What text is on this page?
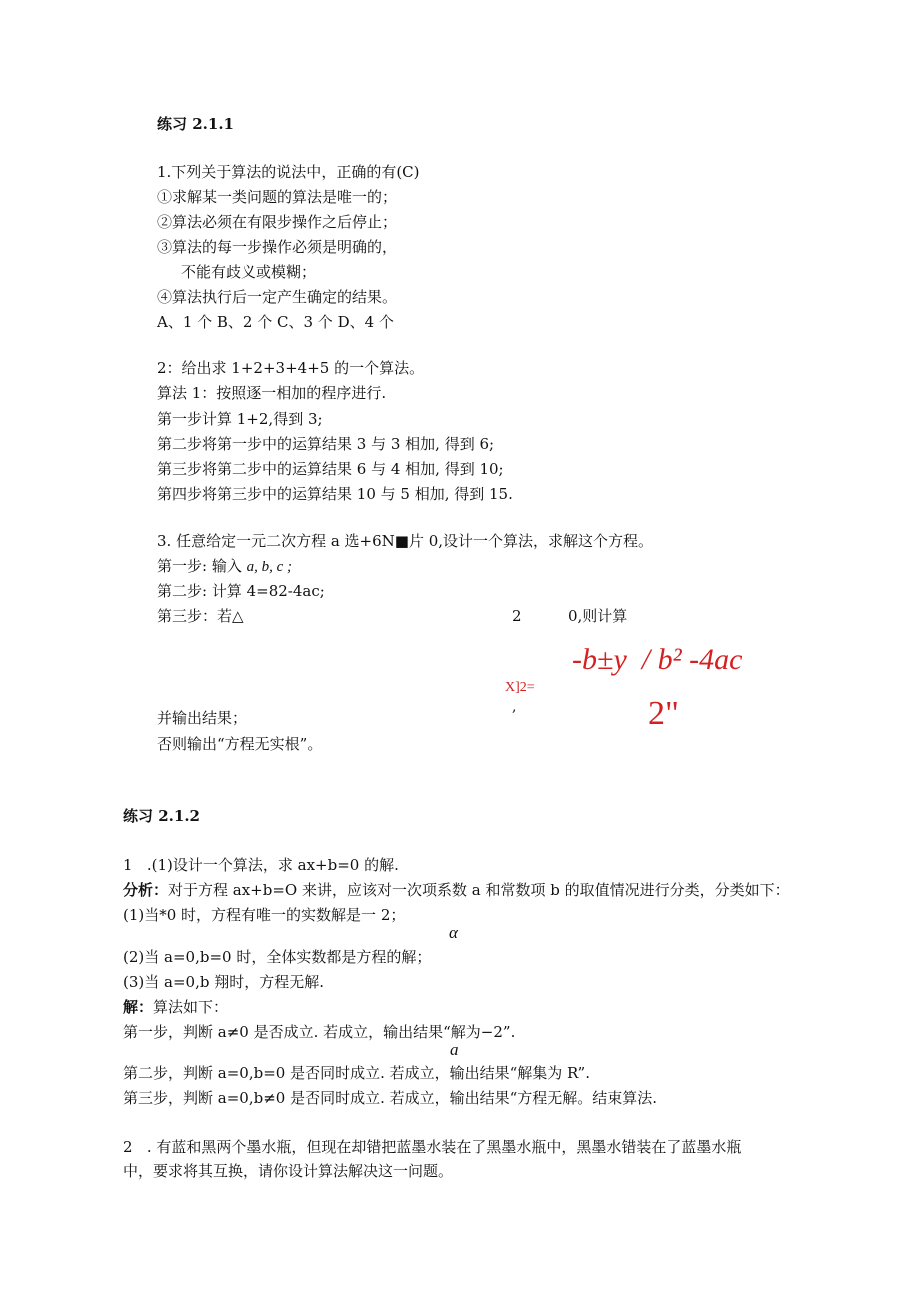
练习 2.1.1
1.下列关于算法的说法中，正确的有(C)
①求解某一类问题的算法是唯一的；
②算法必须在有限步操作之后停止；
③算法的每一步操作必须是明确的，
不能有歧义或模糊；
④算法执行后一定产生确定的结果。
A、1 个 B、2 个 C、3 个 D、4 个
2：给出求 1+2+3+4+5 的一个算法。
算法 1：按照逐一相加的程序进行.
第一步计算 1+2,得到 3;
第二步将第一步中的运算结果 3 与 3 相加, 得到 6;
第三步将第二步中的运算结果 6 与 4 相加, 得到 10;
第四步将第三步中的运算结果 10 与 5 相加, 得到 15.
3. 任意给定一元二次方程 a 选+6N■片 0,设计一个算法，求解这个方程。
第一步: 输入 a, b, c ;
第二步: 计算 4=82-4ac;
第三步：若△	2	0,则计算
-b±y  / b² -4ac
X]2=
,	2"
并输出结果；
否则输出“方程无实根”。
练习 2.1.2
1   .(1)设计一个算法，求 ax+b=0 的解.
分析：对于方程 ax+b=O 来讲，应该对一次项系数 a 和常数项 b 的取值情况进行分类，分类如下：
(1)当*0 时，方程有唯一的实数解是一 2；
α
(2)当 a=0,b=0 时，全体实数都是方程的解；
(3)当 a=0,b 翔时，方程无解.
解：算法如下：
第一步，判断 a≠0 是否成立. 若成立，输出结果“解为−2”.
a
第二步，判断 a=0,b=0 是否同时成立. 若成立，输出结果“解集为 R”.
第三步，判断 a=0,b≠0 是否同时成立. 若成立，输出结果“方程无解。结束算法.
2   . 有蓝和黑两个墨水瓶，但现在却错把蓝墨水装在了黑墨水瓶中，黑墨水错装在了蓝墨水瓶
中，要求将其互换，请你设计算法解决这一问题。
